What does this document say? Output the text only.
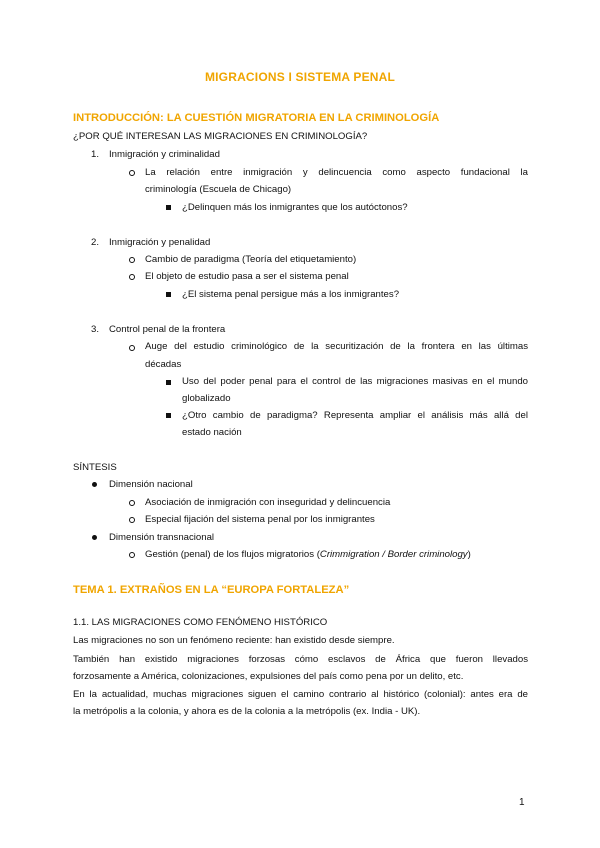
MIGRACIONS I SISTEMA PENAL
INTRODUCCIÓN: LA CUESTIÓN MIGRATORIA EN LA CRIMINOLOGÍA
¿POR QUÉ INTERESAN LAS MIGRACIONES EN CRIMINOLOGÍA?
1. Inmigración y criminalidad
La relación entre inmigración y delincuencia como aspecto fundacional la
criminología (Escuela de Chicago)
¿Delinquen más los inmigrantes que los autóctonos?
2. Inmigración y penalidad
Cambio de paradigma (Teoría del etiquetamiento)
El objeto de estudio pasa a ser el sistema penal
¿El sistema penal persigue más a los inmigrantes?
3. Control penal de la frontera
Auge del estudio criminológico de la securitización de la frontera en las últimas
décadas
Uso del poder penal para el control de las migraciones masivas en el mundo
globalizado
¿Otro cambio de paradigma? Representa ampliar el análisis más allá del
estado nación
SÍNTESIS
Dimensión nacional
Asociación de inmigración con inseguridad y delincuencia
Especial fijación del sistema penal por los inmigrantes
Dimensión transnacional
Gestión (penal) de los flujos migratorios (Crimmigration / Border criminology)
TEMA 1. EXTRAÑOS EN LA “EUROPA FORTALEZA”
1.1. LAS MIGRACIONES COMO FENÓMENO HISTÓRICO
Las migraciones no son un fenómeno reciente: han existido desde siempre.
También han existido migraciones forzosas cómo esclavos de África que fueron llevados
forzosamente a América, colonizaciones, expulsiones del país como pena por un delito, etc.
En la actualidad, muchas migraciones siguen el camino contrario al histórico (colonial): antes era de
la metrópolis a la colonia, y ahora es de la colonia a la metrópolis (ex. India - UK).
1
